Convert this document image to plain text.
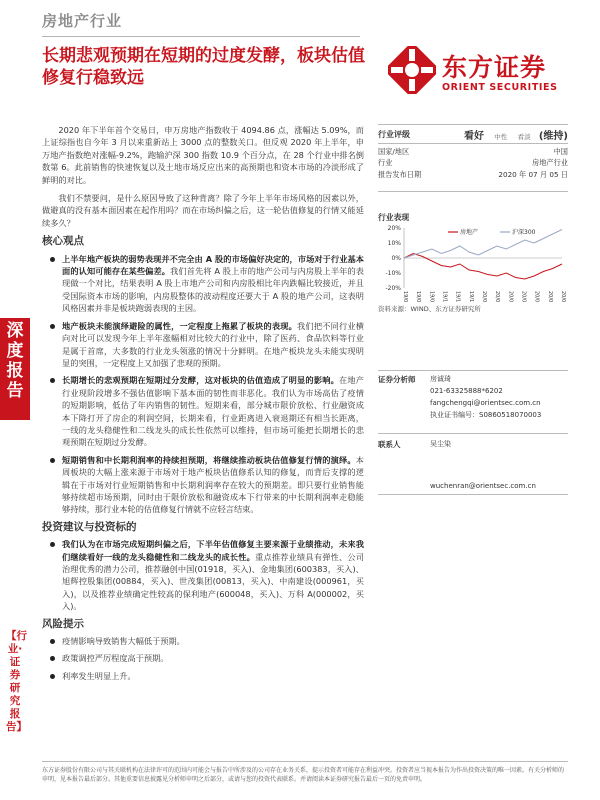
房地产行业
长期悲观预期在短期的过度发酵，板块估值修复行稳致远	东方证券
ORIENT SECURITIES
深度报告
【行业·证券研究报告】

2020 年下半年首个交易日，申万房地产指数收于 4094.86 点，涨幅达 5.09%，而上证综指也自今年 3 月以来重新站上 3000 点的整数关口。但反观 2020 年上半年，申万地产指数绝对涨幅-9.2%，跑输沪深 300 指数 10.9 个百分点，在 28 个行业中排名倒数第 6。此前销售的快速恢复以及土地市场反应出来的高预期也和资本市场的冷淡形成了鲜明的对比。

我们不禁要问，是什么原因导致了这种背离？除了今年上半年市场风格的因素以外，做避真的没有基本面因素在起作用吗？而在市场纠偏之后，这一轮估值修复的行情又能延续多久？

核心观点
上半年地产板块的弱势表现并不完全由 A 股的市场偏好决定的，市场对于行业基本面的认知可能存在某些偏差。我们首先将 A 股上市的地产公司与内房股上半年的表现做一个对比，结果表明 A 股上市地产公司和内房股相比年内跌幅比较接近，并且受国际资本市场的影响，内房股整体的波动程度还要大于 A 股的地产公司，这表明风格因素并非是板块跑弱表现的主因。
地产板块未能演绎避险的属性，一定程度上拖累了板块的表现。我们把不同行业横向对比可以发现今年上半年涨幅相对比较大的行业中，除了医药、食品饮料等行业是属于首席，大多数的行业龙头领涨的情况十分鲜明。在地产板块龙头未能实现明显的突围，一定程度上又加强了悲观的预期。
长期增长的悲观预期在短期过分发酵，这对板块的估值造成了明显的影响。在地产行业现阶段增多不强估值影响下基本面的韧性而非恶化。我们认为市场高估了疫情的短期影响，低估了年内销售的韧性。短期来看，部分城市限价放松、行业融资成本下降打开了房企的利润空间，长期来看，行业距离进入衰退期还有相当长距离，一线的龙头稳健性和二线龙头的成长性依然可以维持，但市场可能把长期增长的悲观预期在短期过分发酵。
短期销售和中长期利润率的持续担预期，将继续推动板块估值修复行情的演绎。本周板块的大幅上涨来源于市场对于地产板块估值修系认知的修复，而背后支撑的逻辑在于市场对行业短期销售和中长期利润率存在较大的预期差。即只要行业销售能够持续超市场预期，同时由于限价放松和融资成本下行带来的中长期利润率走稳能够持续，那行业本轮的估值修复行情就不应轻言结束。
投资建议与投资标的
我们认为在市场完成短期纠偏之后，下半年估值修复主要来源于业绩推动，未来我们继续看好一线的龙头稳健性和二线龙头的成长性。重点推荐业绩具有弹性、公司治理优秀的潜力公司，推荐融创中国(01918，买入)、金地集团(600383，买入)、旭辉控股集团(00884，买入)、世茂集团(00813，买入)、中南建设(000961，买入)，以及推荐业绩确定性较高的保利地产(600048，买入)、万科 A(000002，买入)。
风险提示
疫情影响导致销售大幅低于预期。
政策调控严厉程度高于预期。
利率发生明显上升。
行业评级	看好 中性 看淡 (维持)
国家/地区	中国
行业	房地产行业
报告发布日期	2020 年 07 月 05 日
行业表现
20%
10%
0%
-10%
-20%
房地产	沪深300
19/07 19/08 19/09 19/10 19/11 19/12 20/01 20/02 20/03 20/04 20/05 20/06 20/07
资料来源：WIND、东方证券研究所
证券分析师	房诚琦
021-63325888*6202
fangchengqi@orientsec.com.cn
执业证书编号：S0860518070003
联系人	吴尘染
wuchenran@orientsec.com.cn
东方证券股份有限公司与其关联机构在法律许可的范围内可能会与报告中所涉及的公司存在业务关系，提示投资者可能存在利益冲突。投资者应当视本报告为作出投资决策的唯一因素。有关分析师的申明，见本报告最后部分。其他重要信息披露见分析师申明之后部分，或请与您的投资代表联系。并请阅读本证券研究报告最后一页的免责申明。
